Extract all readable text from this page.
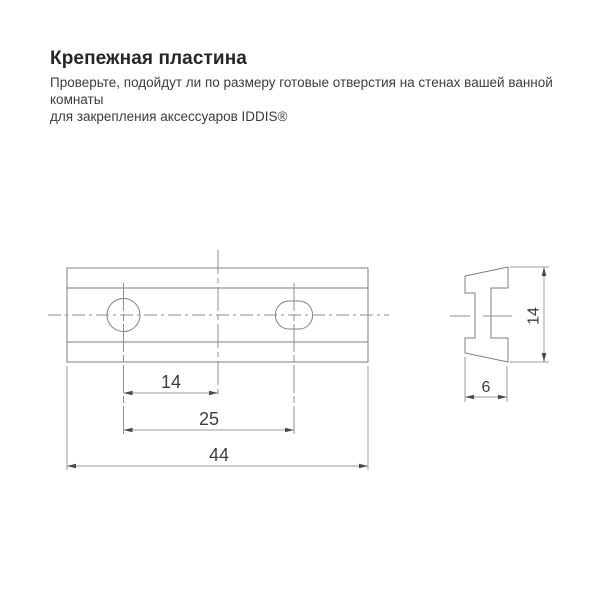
Крепежная пластина

Проверьте, подойдут ли по размеру готовые отверстия на стенах вашей ванной комнаты
для закрепления аксессуаров IDDIS®

14
25
44
14
6
